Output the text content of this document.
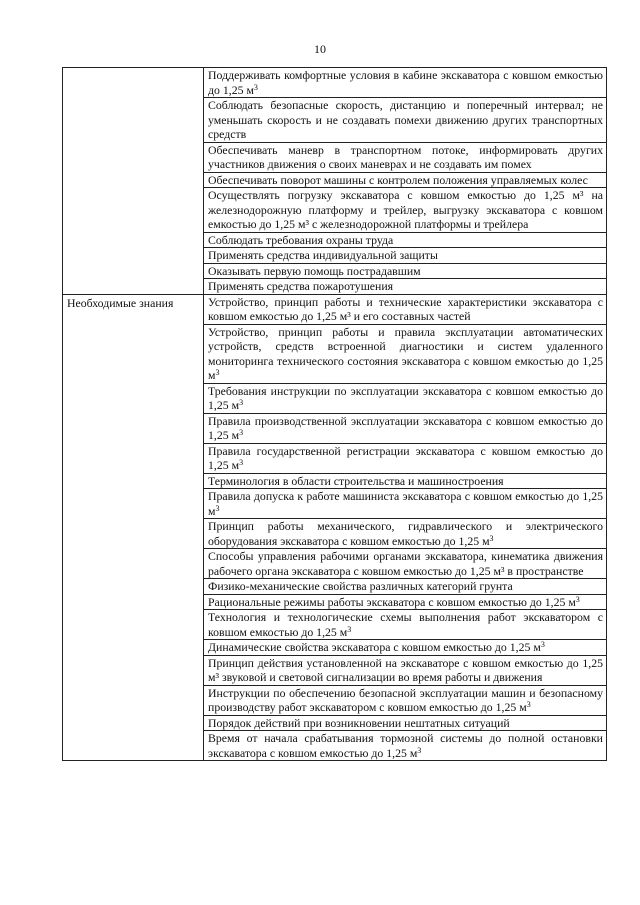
10
	Поддерживать комфортные условия в кабине экскаватора с ковшом емкостью до 1,25 $м^3$
	Соблюдать безопасные скорость, дистанцию и поперечный интервал; не уменьшать скорость и не создавать помехи движению других транспортных средств
	Обеспечивать маневр в транспортном потоке, информировать других участников движения о своих маневрах и не создавать им помех
	Обеспечивать поворот машины с контролем положения управляемых колес
	Осуществлять погрузку экскаватора с ковшом емкостью до 1,25 м³ на железнодорожную платформу и трейлер, выгрузку экскаватора с ковшом емкостью до 1,25 м³ с железнодорожной платформы и трейлера
	Соблюдать требования охраны труда
	Применять средства индивидуальной защиты
	Оказывать первую помощь пострадавшим
	Применять средства пожаротушения
Необходимые знания	Устройство, принцип работы и технические характеристики экскаватора с ковшом емкостью до 1,25 м³ и его составных частей
	Устройство, принцип работы и правила эксплуатации автоматических устройств, средств встроенной диагностики и систем удаленного мониторинга технического состояния экскаватора с ковшом емкостью до 1,25 $м^3$
	Требования инструкции по эксплуатации экскаватора с ковшом емкостью до 1,25 $м^3$
	Правила производственной эксплуатации экскаватора с ковшом емкостью до 1,25 $м^3$
	Правила государственной регистрации экскаватора с ковшом емкостью до 1,25 $м^3$
	Терминология в области строительства и машиностроения
	Правила допуска к работе машиниста экскаватора с ковшом емкостью до 1,25 $м^3$
	Принцип работы механического, гидравлического и электрического оборудования экскаватора с ковшом емкостью до 1,25 $м^3$
	Способы управления рабочими органами экскаватора, кинематика движения рабочего органа экскаватора с ковшом емкостью до 1,25 м³ в пространстве
	Физико-механические свойства различных категорий грунта
	Рациональные режимы работы экскаватора с ковшом емкостью до 1,25 $м^3$
	Технология и технологические схемы выполнения работ экскаватором с ковшом емкостью до 1,25 $м^3$
	Динамические свойства экскаватора с ковшом емкостью до 1,25 $м^3$
	Принцип действия установленной на экскаваторе с ковшом емкостью до 1,25 м³ звуковой и световой сигнализации во время работы и движения
	Инструкции по обеспечению безопасной эксплуатации машин и безопасному производству работ экскаватором с ковшом емкостью до 1,25 $м^3$
	Порядок действий при возникновении нештатных ситуаций
	Время от начала срабатывания тормозной системы до полной остановки экскаватора с ковшом емкостью до 1,25 $м^3$
